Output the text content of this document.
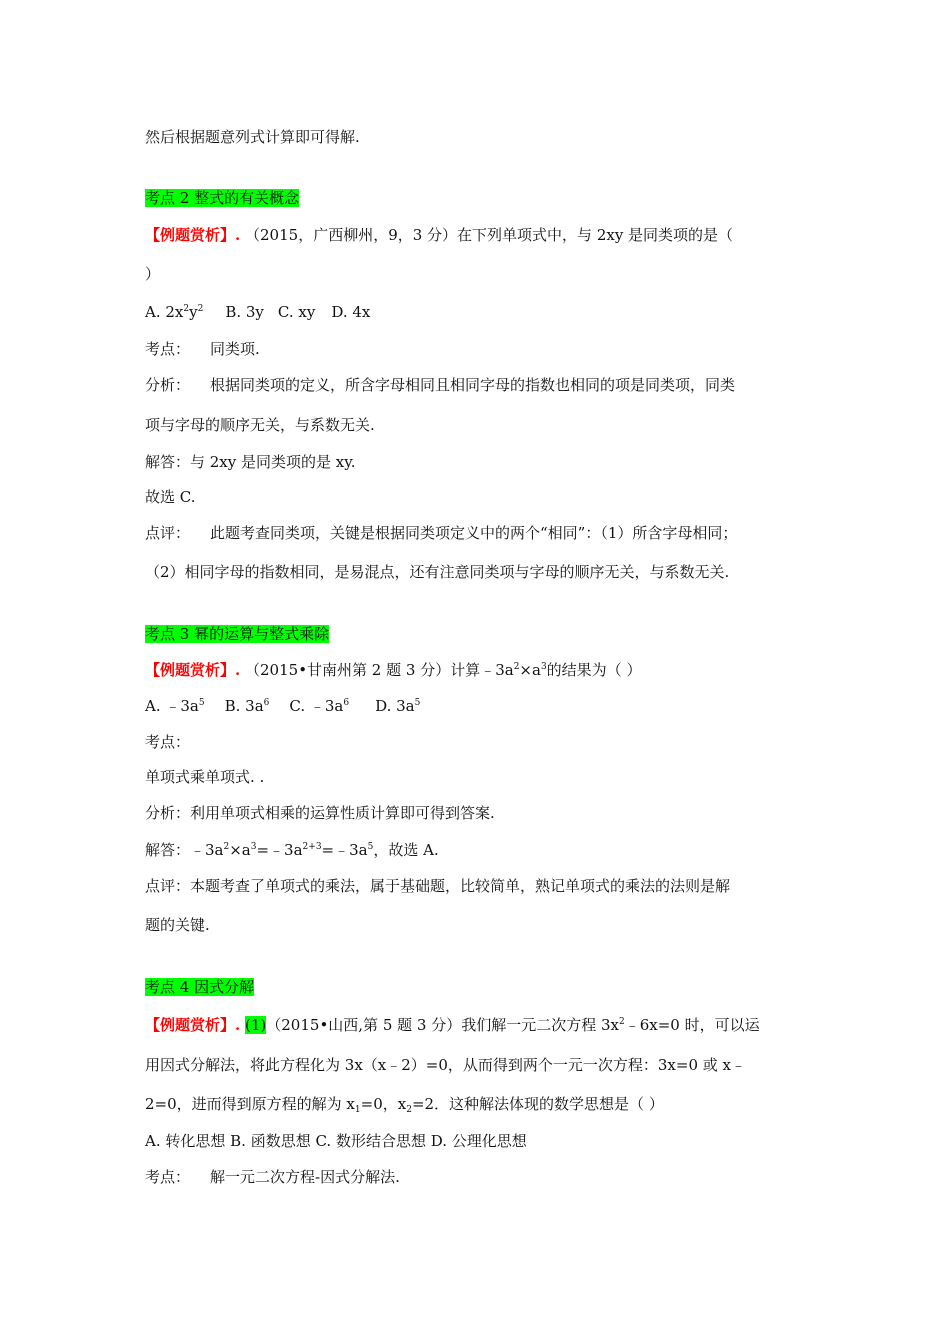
然后根据题意列式计算即可得解.
考点 2 整式的有关概念
【例题赏析】. （2015，广西柳州，9，3 分）在下列单项式中，与 2xy 是同类项的是（
）
A. $2x^2y^2$ B. 3y C. xy D. 4x
考点： 同类项.
分析： 根据同类项的定义，所含字母相同且相同字母的指数也相同的项是同类项，同类
项与字母的顺序无关，与系数无关.
解答：与 2xy 是同类项的是 xy.
故选 C.
点评： 此题考查同类项，关键是根据同类项定义中的两个“相同”：（1）所含字母相同；
（2）相同字母的指数相同，是易混点，还有注意同类项与字母的顺序无关，与系数无关.
考点 3 幂的运算与整式乘除
【例题赏析】. （2015•甘南州第 2 题 3 分）计算$﹣3a^2\times a^3$的结果为（ ）
A. $﹣3a^5$ B. $3a^6$ C. $﹣3a^6$ D. $3a^5$
考点：
单项式乘单项式. .
分析：利用单项式相乘的运算性质计算即可得到答案.
解答：$﹣3a^2\times a^3=﹣3a^{2+3}=﹣3a^5$，故选 A.
点评：本题考查了单项式的乘法，属于基础题，比较简单，熟记单项式的乘法的法则是解
题的关键.
考点 4 因式分解
【例题赏析】. (1)（2015•山西,第 5 题 3 分）我们解一元二次方程 $3x^2﹣6x=0$ 时，可以运
用因式分解法，将此方程化为 3x（x﹣2）=0，从而得到两个一元一次方程：3x=0 或 x﹣
2=0，进而得到原方程的解为 $x_1=0$，$x_2=2$．这种解法体现的数学思想是（ ）
A. 转化思想 B. 函数思想 C. 数形结合思想 D. 公理化思想
考点： 解一元二次方程-因式分解法.
